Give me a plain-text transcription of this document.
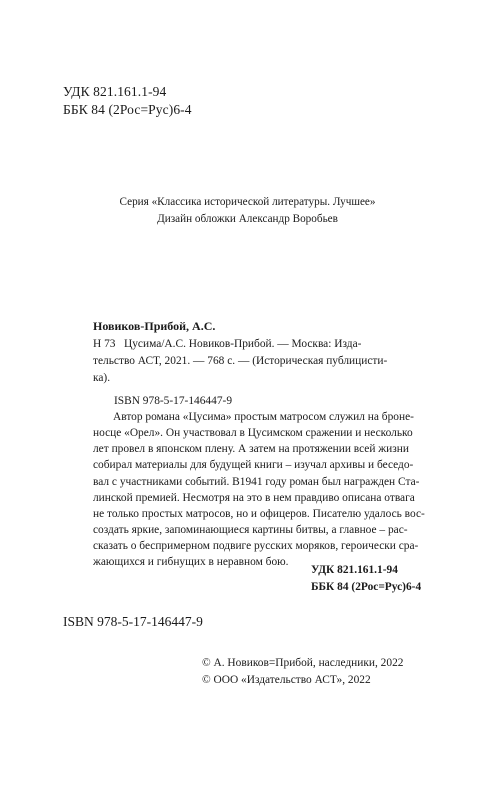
УДК 821.161.1-94
ББК 84 (2Рос=Рус)6-4
Серия «Классика исторической литературы. Лучшее»
Дизайн обложки Александр Воробьев
Новиков-Прибой, А.С.
Н 73 Цусима/А.С. Новиков-Прибой. — Москва: Изда-
тельство АСТ, 2021. — 768 с. — (Историческая публицисти-
ка).
ISBN 978-5-17-146447-9
Автор романа «Цусима» простым матросом служил на броне-
носце «Орел». Он участвовал в Цусимском сражении и несколько
лет провел в японском плену. А затем на протяжении всей жизни
собирал материалы для будущей книги – изучал архивы и беседо-
вал с участниками событий. В1941 году роман был награжден Ста-
линской премией. Несмотря на это в нем правдиво описана отвага
не только простых матросов, но и офицеров. Писателю удалось вос-
создать яркие, запоминающиеся картины битвы, а главное – рас-
сказать о беспримерном подвиге русских моряков, героически сра-
жающихся и гибнущих в неравном бою.
УДК 821.161.1-94
ББК 84 (2Рос=Рус)6-4
ISBN 978-5-17-146447-9
© А. Новиков=Прибой, наследники, 2022
© ООО «Издательство АСТ», 2022
